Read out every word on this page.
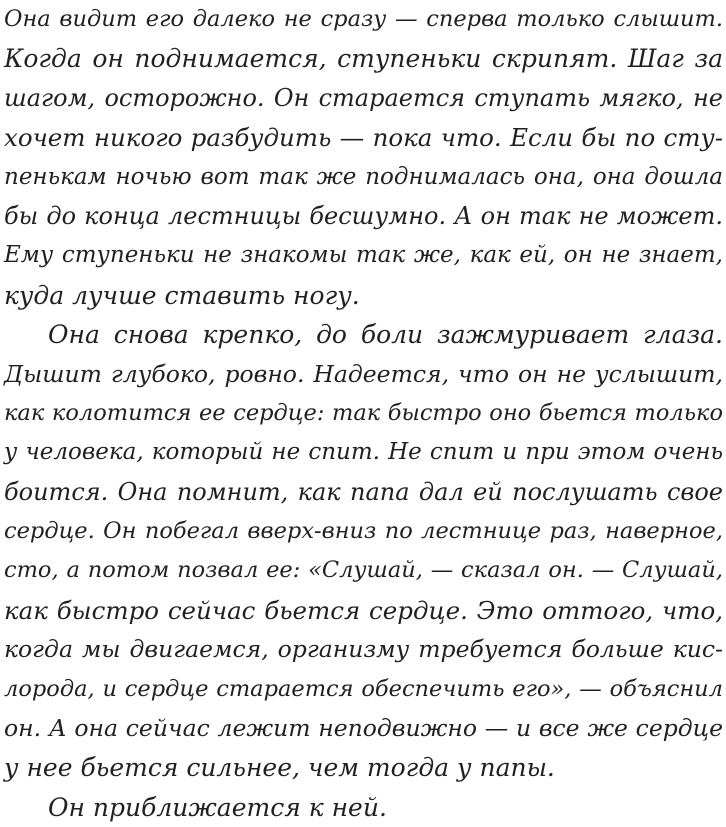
Она видит его далеко не сразу — сперва только слышит.
Когда он поднимается, ступеньки скрипят. Шаг за
шагом, осторожно. Он старается ступать мягко, не
хочет никого разбудить — пока что. Если бы по сту-
пенькам ночью вот так же поднималась она, она дошла
бы до конца лестницы бесшумно. А он так не может.
Ему ступеньки не знакомы так же, как ей, он не знает,
куда лучше ставить ногу.
Она снова крепко, до боли зажмуривает глаза.
Дышит глубоко, ровно. Надеется, что он не услышит,
как колотится ее сердце: так быстро оно бьется только
у человека, который не спит. Не спит и при этом очень
боится. Она помнит, как папа дал ей послушать свое
сердце. Он побегал вверх-вниз по лестнице раз, наверное,
сто, а потом позвал ее: «Слушай, — сказал он. — Слушай,
как быстро сейчас бьется сердце. Это оттого, что,
когда мы двигаемся, организму требуется больше кис-
лорода, и сердце старается обеспечить его», — объяснил
он. А она сейчас лежит неподвижно — и все же сердце
у нее бьется сильнее, чем тогда у папы.
Он приближается к ней.
